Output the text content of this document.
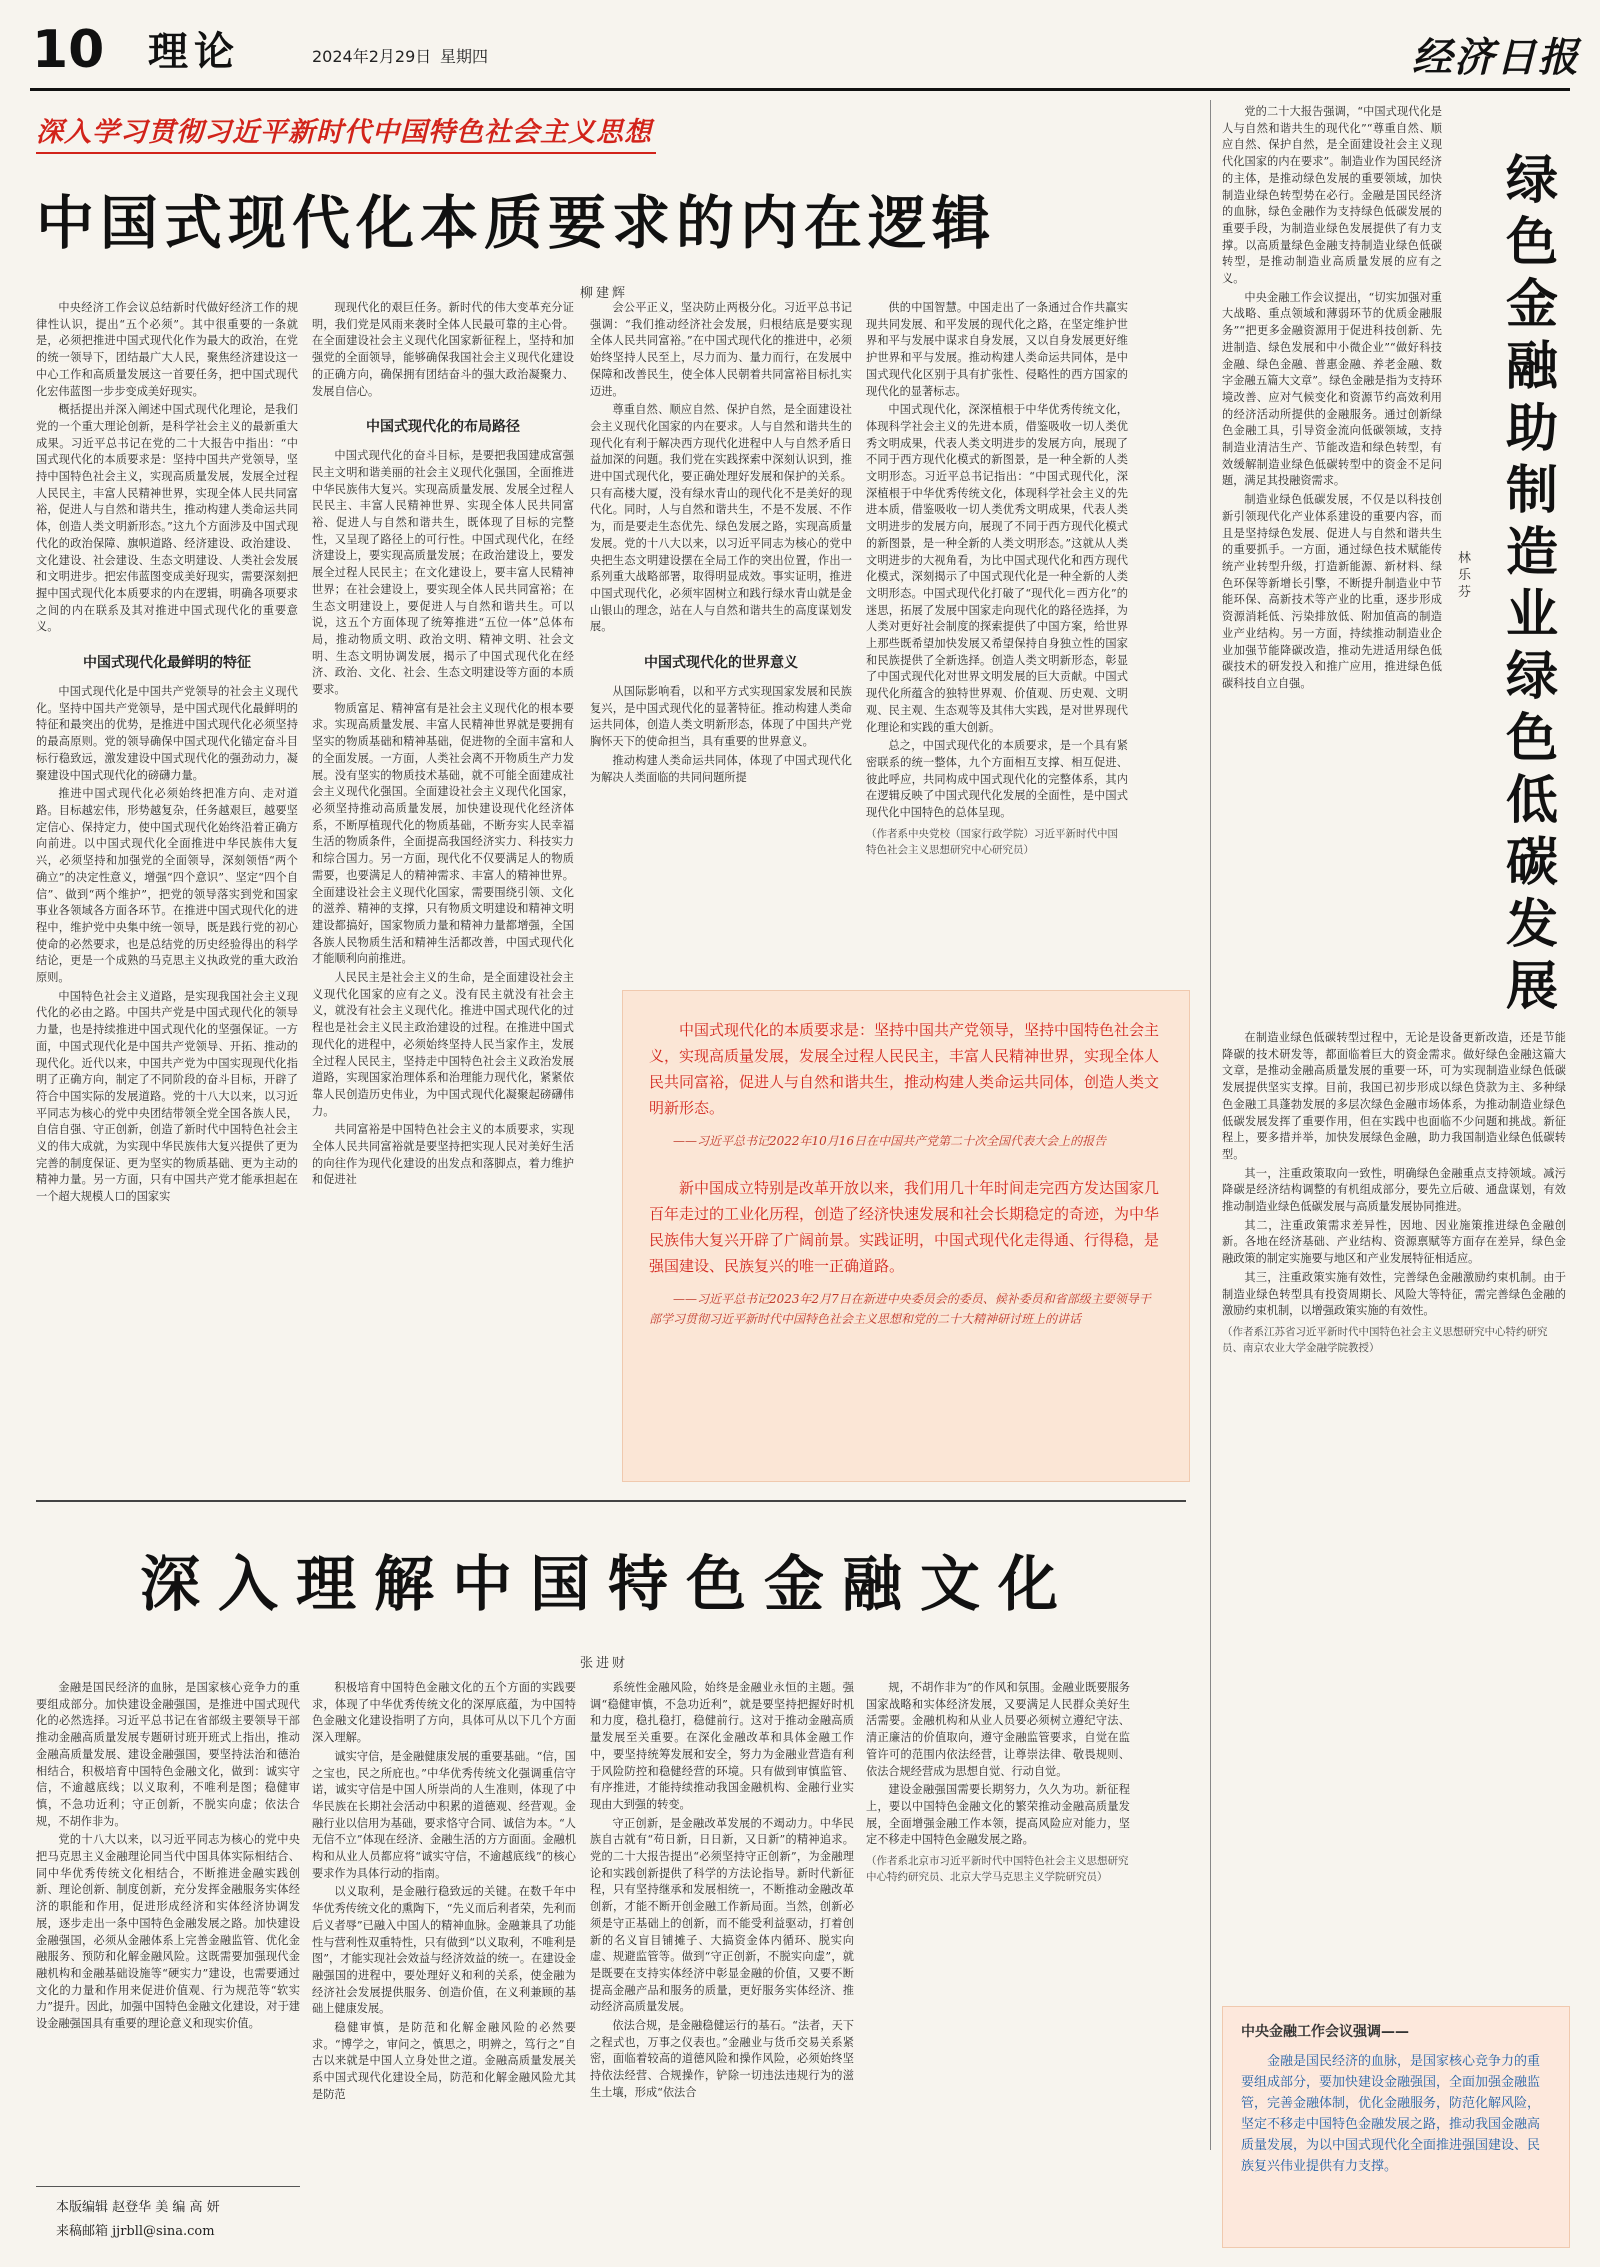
10 理论	2024年2月29日 星期四	经济日报
深入学习贯彻习近平新时代中国特色社会主义思想
中国式现代化本质要求的内在逻辑
柳建辉

中央经济工作会议总结新时代做好经济工作的规律性认识，提出“五个必须”。其中很重要的一条就是，必须把推进中国式现代化作为最大的政治，在党的统一领导下，团结最广大人民，聚焦经济建设这一中心工作和高质量发展这一首要任务，把中国式现代化宏伟蓝图一步步变成美好现实。

概括提出并深入阐述中国式现代化理论，是我们党的一个重大理论创新，是科学社会主义的最新重大成果。习近平总书记在党的二十大报告中指出：“中国式现代化的本质要求是：坚持中国共产党领导，坚持中国特色社会主义，实现高质量发展，发展全过程人民民主，丰富人民精神世界，实现全体人民共同富裕，促进人与自然和谐共生，推动构建人类命运共同体，创造人类文明新形态。”这九个方面涉及中国式现代化的政治保障、旗帜道路、经济建设、政治建设、文化建设、社会建设、生态文明建设、人类社会发展和文明进步。把宏伟蓝图变成美好现实，需要深刻把握中国式现代化本质要求的内在逻辑，明确各项要求之间的内在联系及其对推进中国式现代化的重要意义。

中国式现代化最鲜明的特征

中国式现代化是中国共产党领导的社会主义现代化。坚持中国共产党领导，是中国式现代化最鲜明的特征和最突出的优势，是推进中国式现代化必须坚持的最高原则。党的领导确保中国式现代化锚定奋斗目标行稳致远，激发建设中国式现代化的强劲动力，凝聚建设中国式现代化的磅礴力量。

推进中国式现代化必须始终把准方向、走对道路。目标越宏伟，形势越复杂，任务越艰巨，越要坚定信心、保持定力，使中国式现代化始终沿着正确方向前进。以中国式现代化全面推进中华民族伟大复兴，必须坚持和加强党的全面领导，深刻领悟“两个确立”的决定性意义，增强“四个意识”、坚定“四个自信”、做到“两个维护”，把党的领导落实到党和国家事业各领域各方面各环节。在推进中国式现代化的进程中，维护党中央集中统一领导，既是践行党的初心使命的必然要求，也是总结党的历史经验得出的科学结论，更是一个成熟的马克思主义执政党的重大政治原则。

中国特色社会主义道路，是实现我国社会主义现代化的必由之路。中国共产党是中国式现代化的领导力量，也是持续推进中国式现代化的坚强保证。一方面，中国式现代化是中国共产党领导、开拓、推动的现代化。近代以来，中国共产党为中国实现现代化指明了正确方向，制定了不同阶段的奋斗目标，开辟了符合中国实际的发展道路。党的十八大以来，以习近平同志为核心的党中央团结带领全党全国各族人民，自信自强、守正创新，创造了新时代中国特色社会主义的伟大成就，为实现中华民族伟大复兴提供了更为完善的制度保证、更为坚实的物质基础、更为主动的精神力量。另一方面，只有中国共产党才能承担起在一个超大规模人口的国家实

现现代化的艰巨任务。新时代的伟大变革充分证明，我们党是风雨来袭时全体人民最可靠的主心骨。在全面建设社会主义现代化国家新征程上，坚持和加强党的全面领导，能够确保我国社会主义现代化建设的正确方向，确保拥有团结奋斗的强大政治凝聚力、发展自信心。

中国式现代化的布局路径

中国式现代化的奋斗目标，是要把我国建成富强民主文明和谐美丽的社会主义现代化强国，全面推进中华民族伟大复兴。实现高质量发展、发展全过程人民民主、丰富人民精神世界、实现全体人民共同富裕、促进人与自然和谐共生，既体现了目标的完整性，又呈现了路径上的可行性。中国式现代化，在经济建设上，要实现高质量发展；在政治建设上，要发展全过程人民民主；在文化建设上，要丰富人民精神世界；在社会建设上，要实现全体人民共同富裕；在生态文明建设上，要促进人与自然和谐共生。可以说，这五个方面体现了统筹推进“五位一体”总体布局，推动物质文明、政治文明、精神文明、社会文明、生态文明协调发展，揭示了中国式现代化在经济、政治、文化、社会、生态文明建设等方面的本质要求。

物质富足、精神富有是社会主义现代化的根本要求。实现高质量发展、丰富人民精神世界就是要拥有坚实的物质基础和精神基础，促进物的全面丰富和人的全面发展。一方面，人类社会离不开物质生产力发展。没有坚实的物质技术基础，就不可能全面建成社会主义现代化强国。全面建设社会主义现代化国家，必须坚持推动高质量发展，加快建设现代化经济体系，不断厚植现代化的物质基础，不断夯实人民幸福生活的物质条件，全面提高我国经济实力、科技实力和综合国力。另一方面，现代化不仅要满足人的物质需要，也要满足人的精神需求、丰富人的精神世界。全面建设社会主义现代化国家，需要围绕引领、文化的滋养、精神的支撑，只有物质文明建设和精神文明建设都搞好，国家物质力量和精神力量都增强，全国各族人民物质生活和精神生活都改善，中国式现代化才能顺利向前推进。

人民民主是社会主义的生命，是全面建设社会主义现代化国家的应有之义。没有民主就没有社会主义，就没有社会主义现代化。推进中国式现代化的过程也是社会主义民主政治建设的过程。在推进中国式现代化的进程中，必须始终坚持人民当家作主，发展全过程人民民主，坚持走中国特色社会主义政治发展道路，实现国家治理体系和治理能力现代化，紧紧依靠人民创造历史伟业，为中国式现代化凝聚起磅礴伟力。

共同富裕是中国特色社会主义的本质要求，实现全体人民共同富裕就是要坚持把实现人民对美好生活的向往作为现代化建设的出发点和落脚点，着力维护和促进社

会公平正义，坚决防止两极分化。习近平总书记强调：“我们推动经济社会发展，归根结底是要实现全体人民共同富裕。”在中国式现代化的推进中，必须始终坚持人民至上，尽力而为、量力而行，在发展中保障和改善民生，使全体人民朝着共同富裕目标扎实迈进。

尊重自然、顺应自然、保护自然，是全面建设社会主义现代化国家的内在要求。人与自然和谐共生的现代化有利于解决西方现代化进程中人与自然矛盾日益加深的问题。我们党在实践探索中深刻认识到，推进中国式现代化，要正确处理好发展和保护的关系。只有高楼大厦，没有绿水青山的现代化不是美好的现代化。同时，人与自然和谐共生，不是不发展、不作为，而是要走生态优先、绿色发展之路，实现高质量发展。党的十八大以来，以习近平同志为核心的党中央把生态文明建设摆在全局工作的突出位置，作出一系列重大战略部署，取得明显成效。事实证明，推进中国式现代化，必须牢固树立和践行绿水青山就是金山银山的理念，站在人与自然和谐共生的高度谋划发展。

中国式现代化的世界意义

从国际影响看，以和平方式实现国家发展和民族复兴，是中国式现代化的显著特征。推动构建人类命运共同体，创造人类文明新形态，体现了中国共产党胸怀天下的使命担当，具有重要的世界意义。

推动构建人类命运共同体，体现了中国式现代化为解决人类面临的共同问题所提

供的中国智慧。中国走出了一条通过合作共赢实现共同发展、和平发展的现代化之路，在坚定维护世界和平与发展中谋求自身发展，又以自身发展更好维护世界和平与发展。推动构建人类命运共同体，是中国式现代化区别于具有扩张性、侵略性的西方国家的现代化的显著标志。

中国式现代化，深深植根于中华优秀传统文化，体现科学社会主义的先进本质，借鉴吸收一切人类优秀文明成果，代表人类文明进步的发展方向，展现了不同于西方现代化模式的新图景，是一种全新的人类文明形态。习近平总书记指出：“中国式现代化，深深植根于中华优秀传统文化，体现科学社会主义的先进本质，借鉴吸收一切人类优秀文明成果，代表人类文明进步的发展方向，展现了不同于西方现代化模式的新图景，是一种全新的人类文明形态。”这就从人类文明进步的大视角看，为比中国式现代化和西方现代化模式，深刻揭示了中国式现代化是一种全新的人类文明形态。中国式现代化打破了“现代化＝西方化”的迷思，拓展了发展中国家走向现代化的路径选择，为人类对更好社会制度的探索提供了中国方案，给世界上那些既希望加快发展又希望保持自身独立性的国家和民族提供了全新选择。创造人类文明新形态，彰显了中国式现代化对世界文明发展的巨大贡献。中国式现代化所蕴含的独特世界观、价值观、历史观、文明观、民主观、生态观等及其伟大实践，是对世界现代化理论和实践的重大创新。

总之，中国式现代化的本质要求，是一个具有紧密联系的统一整体，九个方面相互支撑、相互促进、彼此呼应，共同构成中国式现代化的完整体系，其内在逻辑反映了中国式现代化发展的全面性，是中国式现代化中国特色的总体呈现。

（作者系中央党校（国家行政学院）习近平新时代中国特色社会主义思想研究中心研究员）

中国式现代化的本质要求是：坚持中国共产党领导，坚持中国特色社会主义，实现高质量发展，发展全过程人民民主，丰富人民精神世界，实现全体人民共同富裕，促进人与自然和谐共生，推动构建人类命运共同体，创造人类文明新形态。

——习近平总书记2022年10月16日在中国共产党第二十次全国代表大会上的报告

新中国成立特别是改革开放以来，我们用几十年时间走完西方发达国家几百年走过的工业化历程，创造了经济快速发展和社会长期稳定的奇迹，为中华民族伟大复兴开辟了广阔前景。实践证明，中国式现代化走得通、行得稳，是强国建设、民族复兴的唯一正确道路。

——习近平总书记2023年2月7日在新进中央委员会的委员、候补委员和省部级主要领导干部学习贯彻习近平新时代中国特色社会主义思想和党的二十大精神研讨班上的讲话

深入理解中国特色金融文化
张进财

金融是国民经济的血脉，是国家核心竞争力的重要组成部分。加快建设金融强国，是推进中国式现代化的必然选择。习近平总书记在省部级主要领导干部推动金融高质量发展专题研讨班开班式上指出，推动金融高质量发展、建设金融强国，要坚持法治和德治相结合，积极培育中国特色金融文化，做到：诚实守信，不逾越底线；以义取利，不唯利是图；稳健审慎，不急功近利；守正创新，不脱实向虚；依法合规，不胡作非为。

党的十八大以来，以习近平同志为核心的党中央把马克思主义金融理论同当代中国具体实际相结合、同中华优秀传统文化相结合，不断推进金融实践创新、理论创新、制度创新，充分发挥金融服务实体经济的职能和作用，促进形成经济和实体经济协调发展，逐步走出一条中国特色金融发展之路。加快建设金融强国，必须从金融体系上完善金融监管、优化金融服务、预防和化解金融风险。这既需要加强现代金融机构和金融基础设施等“硬实力”建设，也需要通过文化的力量和作用来促进价值观、行为规范等“软实力”提升。因此，加强中国特色金融文化建设，对于建设金融强国具有重要的理论意义和现实价值。

积极培育中国特色金融文化的五个方面的实践要求，体现了中华优秀传统文化的深厚底蕴，为中国特色金融文化建设指明了方向，具体可从以下几个方面深入理解。

诚实守信，是金融健康发展的重要基础。“信，国之宝也，民之所庇也。”中华优秀传统文化强调重信守诺，诚实守信是中国人所崇尚的人生准则，体现了中华民族在长期社会活动中积累的道德观、经营观。金融行业以信用为基础，要求恪守合同、诚信为本。“人无信不立”体现在经济、金融生活的方方面面。金融机构和从业人员都应将“诚实守信，不逾越底线”的核心要求作为具体行动的指南。

以义取利，是金融行稳致远的关键。在数千年中华优秀传统文化的熏陶下，“先义而后利者荣，先利而后义者辱”已融入中国人的精神血脉。金融兼具了功能性与营利性双重特性，只有做到“以义取利，不唯利是图”，才能实现社会效益与经济效益的统一。在建设金融强国的进程中，要处理好义和利的关系，使金融为经济社会发展提供服务、创造价值，在义利兼顾的基础上健康发展。

稳健审慎，是防范和化解金融风险的必然要求。“博学之，审问之，慎思之，明辨之，笃行之”自古以来就是中国人立身处世之道。金融高质量发展关系中国式现代化建设全局，防范和化解金融风险尤其是防范

系统性金融风险，始终是金融业永恒的主题。强调“稳健审慎，不急功近利”，就是要坚持把握好时机和力度，稳扎稳打，稳健前行。这对于推动金融高质量发展至关重要。在深化金融改革和具体金融工作中，要坚持统筹发展和安全，努力为金融业营造有利于风险防控和稳健经营的环境。只有做到审慎监管、有序推进，才能持续推动我国金融机构、金融行业实现由大到强的转变。

守正创新，是金融改革发展的不竭动力。中华民族自古就有“苟日新，日日新，又日新”的精神追求。党的二十大报告提出“必须坚持守正创新”，为金融理论和实践创新提供了科学的方法论指导。新时代新征程，只有坚持继承和发展相统一，不断推动金融改革创新，才能不断开创金融工作新局面。当然，创新必须是守正基础上的创新，而不能受利益驱动，打着创新的名义盲目铺摊子、大搞资金体内循环、脱实向虚、规避监管等。做到“守正创新，不脱实向虚”，就是既要在支持实体经济中彰显金融的价值，又要不断提高金融产品和服务的质量，更好服务实体经济、推动经济高质量发展。

依法合规，是金融稳健运行的基石。“法者，天下之程式也，万事之仪表也。”金融业与货币交易关系紧密，面临着较高的道德风险和操作风险，必须始终坚持依法经营、合规操作，铲除一切违法违规行为的滋生土壤，形成“依法合

规，不胡作非为”的作风和氛围。金融业既要服务国家战略和实体经济发展，又要满足人民群众美好生活需要。金融机构和从业人员要必须树立遵纪守法、清正廉洁的价值取向，遵守金融监管要求，自觉在监管许可的范围内依法经营，让尊崇法律、敬畏规则、依法合规经营成为思想自觉、行动自觉。

建设金融强国需要长期努力，久久为功。新征程上，要以中国特色金融文化的繁荣推动金融高质量发展，全面增强金融工作本领，提高风险应对能力，坚定不移走中国特色金融发展之路。

（作者系北京市习近平新时代中国特色社会主义思想研究中心特约研究员、北京大学马克思主义学院研究员）

本版编辑 赵登华 美 编 高 妍
来稿邮箱 jjrbll@sina.com
绿色金融助制造业绿色低碳发展
林乐芬

党的二十大报告强调，“中国式现代化是人与自然和谐共生的现代化”“尊重自然、顺应自然、保护自然，是全面建设社会主义现代化国家的内在要求”。制造业作为国民经济的主体，是推动绿色发展的重要领域，加快制造业绿色转型势在必行。金融是国民经济的血脉，绿色金融作为支持绿色低碳发展的重要手段，为制造业绿色发展提供了有力支撑。以高质量绿色金融支持制造业绿色低碳转型，是推动制造业高质量发展的应有之义。

中央金融工作会议提出，“切实加强对重大战略、重点领域和薄弱环节的优质金融服务”“把更多金融资源用于促进科技创新、先进制造、绿色发展和中小微企业”“做好科技金融、绿色金融、普惠金融、养老金融、数字金融五篇大文章”。绿色金融是指为支持环境改善、应对气候变化和资源节约高效利用的经济活动所提供的金融服务。通过创新绿色金融工具，引导资金流向低碳领域，支持制造业清洁生产、节能改造和绿色转型，有效缓解制造业绿色低碳转型中的资金不足问题，满足其投融资需求。

制造业绿色低碳发展，不仅是以科技创新引领现代化产业体系建设的重要内容，而且是坚持绿色发展、促进人与自然和谐共生的重要抓手。一方面，通过绿色技术赋能传统产业转型升级，打造新能源、新材料、绿色环保等新增长引擎，不断提升制造业中节能环保、高新技术等产业的比重，逐步形成资源消耗低、污染排放低、附加值高的制造业产业结构。另一方面，持续推动制造业企业加强节能降碳改造，推动先进适用绿色低碳技术的研发投入和推广应用，推进绿色低碳科技自立自强。

在制造业绿色低碳转型过程中，无论是设备更新改造，还是节能降碳的技术研发等，都面临着巨大的资金需求。做好绿色金融这篇大文章，是推动金融高质量发展的重要一环，可为实现制造业绿色低碳发展提供坚实支撑。目前，我国已初步形成以绿色贷款为主、多种绿色金融工具蓬勃发展的多层次绿色金融市场体系，为推动制造业绿色低碳发展发挥了重要作用，但在实践中也面临不少问题和挑战。新征程上，要多措并举，加快发展绿色金融，助力我国制造业绿色低碳转型。

其一，注重政策取向一致性，明确绿色金融重点支持领域。减污降碳是经济结构调整的有机组成部分，要先立后破、通盘谋划，有效推动制造业绿色低碳发展与高质量发展协同推进。

其二，注重政策需求差异性，因地、因业施策推进绿色金融创新。各地在经济基础、产业结构、资源禀赋等方面存在差异，绿色金融政策的制定实施要与地区和产业发展特征相适应。

其三，注重政策实施有效性，完善绿色金融激励约束机制。由于制造业绿色转型具有投资周期长、风险大等特征，需完善绿色金融的激励约束机制，以增强政策实施的有效性。

（作者系江苏省习近平新时代中国特色社会主义思想研究中心特约研究员、南京农业大学金融学院教授）

中央金融工作会议强调——
金融是国民经济的血脉，是国家核心竞争力的重要组成部分，要加快建设金融强国，全面加强金融监管，完善金融体制，优化金融服务，防范化解风险，坚定不移走中国特色金融发展之路，推动我国金融高质量发展，为以中国式现代化全面推进强国建设、民族复兴伟业提供有力支撑。
